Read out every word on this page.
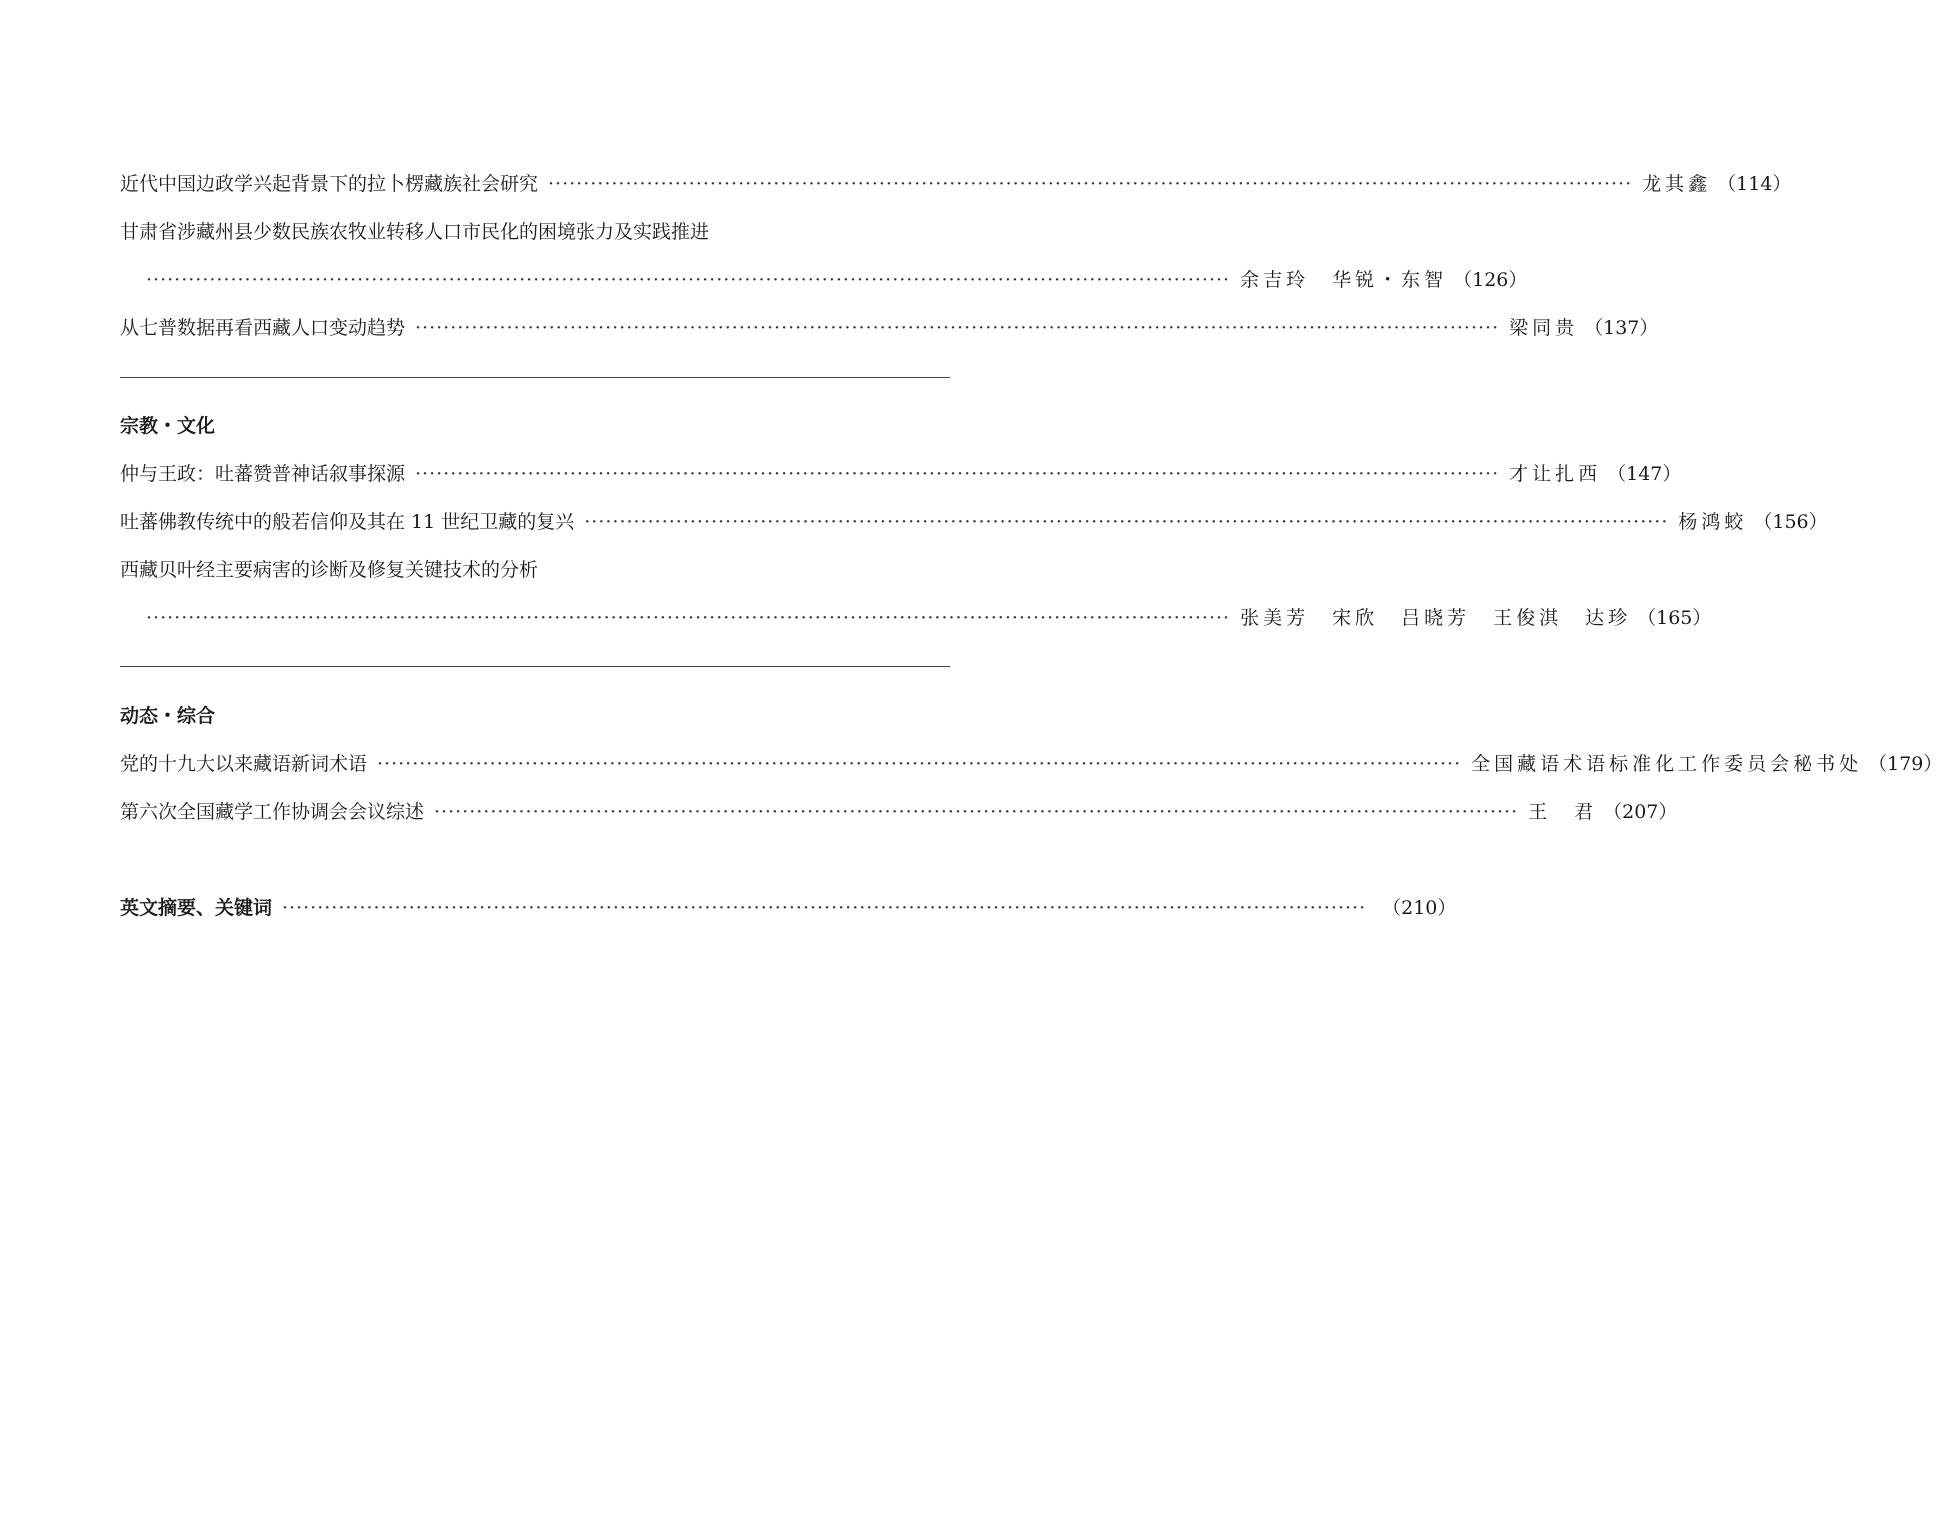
近代中国边政学兴起背景下的拉卜楞藏族社会研究 ·························································································································································· 龙其鑫 （114）
甘肃省涉藏州县少数民族农牧业转移人口市民化的困境张力及实践推进
·························································································································································· 余吉玲　华锐・东智 （126）
从七普数据再看西藏人口变动趋势 ·························································································································································· 梁同贵 （137）
宗教・文化
仲与王政：吐蕃赞普神话叙事探源 ·························································································································································· 才让扎西 （147）
吐蕃佛教传统中的般若信仰及其在 11 世纪卫藏的复兴 ·························································································································································· 杨鸿蛟 （156）
西藏贝叶经主要病害的诊断及修复关键技术的分析
·························································································································································· 张美芳　宋欣　吕晓芳　王俊淇　达珍 （165）
动态・综合
党的十九大以来藏语新词术语 ·························································································································································· 全国藏语术语标准化工作委员会秘书处 （179）
第六次全国藏学工作协调会会议综述 ·························································································································································· 王　君 （207）
英文摘要、关键词 ·························································································································································· （210）
